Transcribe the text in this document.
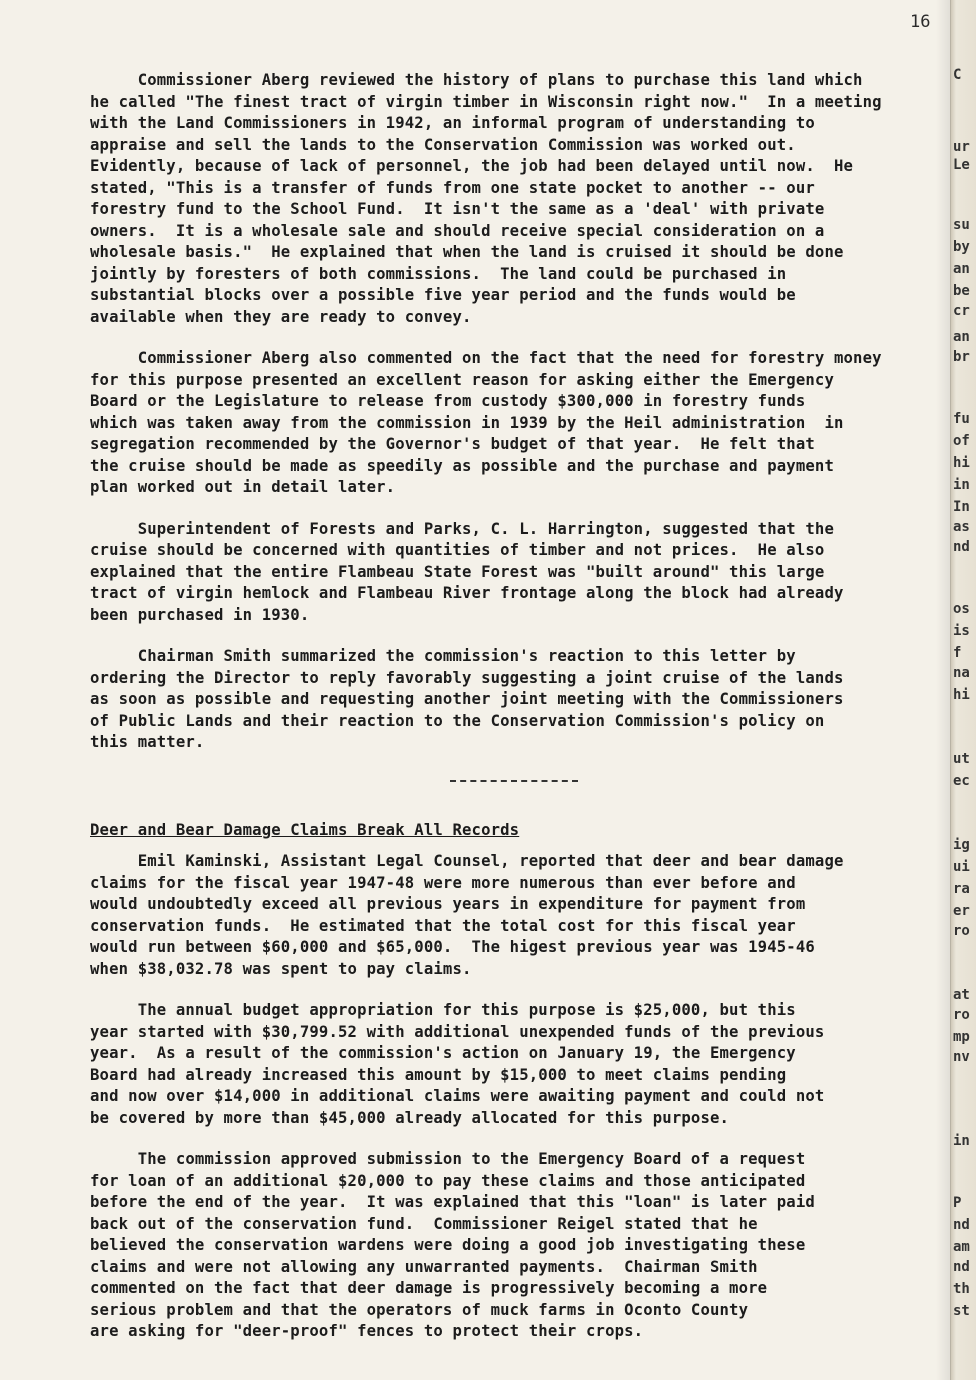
16

Commissioner Aberg reviewed the history of plans to purchase this land which
he called "The finest tract of virgin timber in Wisconsin right now."  In a meeting
with the Land Commissioners in 1942, an informal program of understanding to
appraise and sell the lands to the Conservation Commission was worked out.
Evidently, because of lack of personnel, the job had been delayed until now.  He
stated, "This is a transfer of funds from one state pocket to another -- our
forestry fund to the School Fund.  It isn't the same as a 'deal' with private
owners.  It is a wholesale sale and should receive special consideration on a
wholesale basis."  He explained that when the land is cruised it should be done
jointly by foresters of both commissions.  The land could be purchased in
substantial blocks over a possible five year period and the funds would be
available when they are ready to convey.

Commissioner Aberg also commented on the fact that the need for forestry money
for this purpose presented an excellent reason for asking either the Emergency
Board or the Legislature to release from custody $300,000 in forestry funds
which was taken away from the commission in 1939 by the Heil administration  in
segregation recommended by the Governor's budget of that year.  He felt that
the cruise should be made as speedily as possible and the purchase and payment
plan worked out in detail later.

Superintendent of Forests and Parks, C. L. Harrington, suggested that the
cruise should be concerned with quantities of timber and not prices.  He also
explained that the entire Flambeau State Forest was "built around" this large
tract of virgin hemlock and Flambeau River frontage along the block had already
been purchased in 1930.

Chairman Smith summarized the commission's reaction to this letter by
ordering the Director to reply favorably suggesting a joint cruise of the lands
as soon as possible and requesting another joint meeting with the Commissioners
of Public Lands and their reaction to the Conservation Commission's policy on
this matter.

Deer and Bear Damage Claims Break All Records

Emil Kaminski, Assistant Legal Counsel, reported that deer and bear damage
claims for the fiscal year 1947-48 were more numerous than ever before and
would undoubtedly exceed all previous years in expenditure for payment from
conservation funds.  He estimated that the total cost for this fiscal year
would run between $60,000 and $65,000.  The higest previous year was 1945-46
when $38,032.78 was spent to pay claims.

The annual budget appropriation for this purpose is $25,000, but this
year started with $30,799.52 with additional unexpended funds of the previous
year.  As a result of the commission's action on January 19, the Emergency
Board had already increased this amount by $15,000 to meet claims pending
and now over $14,000 in additional claims were awaiting payment and could not
be covered by more than $45,000 already allocated for this purpose.

The commission approved submission to the Emergency Board of a request
for loan of an additional $20,000 to pay these claims and those anticipated
before the end of the year.  It was explained that this "loan" is later paid
back out of the conservation fund.  Commissioner Reigel stated that he
believed the conservation wardens were doing a good job investigating these
claims and were not allowing any unwarranted payments.  Chairman Smith
commented on the fact that deer damage is progressively becoming a more
serious problem and that the operators of muck farms in Oconto County
are asking for "deer-proof" fences to protect their crops.

C
ur
Le
su
by
an
be
cr
an
br
fu
of
hi
in
In
as
nd
os
is
f
na
hi
ut
ec
ig
ui
ra
er
ro
at
ro
mp
nv
in
P
nd
am
nd
th
st
